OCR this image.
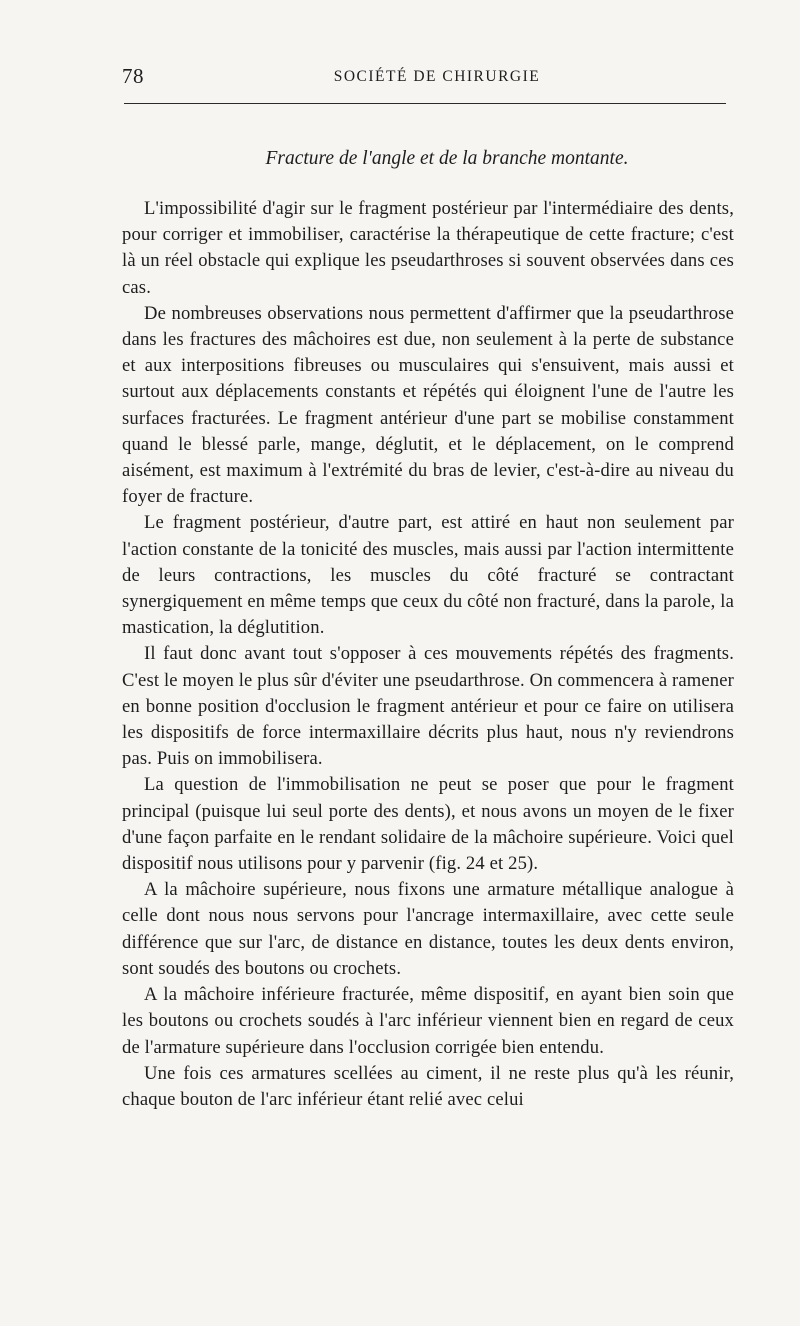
78	SOCIÉTÉ DE CHIRURGIE
Fracture de l'angle et de la branche montante.

L'impossibilité d'agir sur le fragment postérieur par l'intermédiaire des dents, pour corriger et immobiliser, caractérise la thérapeutique de cette fracture; c'est là un réel obstacle qui explique les pseudarthroses si souvent observées dans ces cas.

De nombreuses observations nous permettent d'affirmer que la pseudarthrose dans les fractures des mâchoires est due, non seulement à la perte de substance et aux interpositions fibreuses ou musculaires qui s'ensuivent, mais aussi et surtout aux déplacements constants et répétés qui éloignent l'une de l'autre les surfaces fracturées. Le fragment antérieur d'une part se mobilise constamment quand le blessé parle, mange, déglutit, et le déplacement, on le comprend aisément, est maximum à l'extrémité du bras de levier, c'est-à-dire au niveau du foyer de fracture.

Le fragment postérieur, d'autre part, est attiré en haut non seulement par l'action constante de la tonicité des muscles, mais aussi par l'action intermittente de leurs contractions, les muscles du côté fracturé se contractant synergiquement en même temps que ceux du côté non fracturé, dans la parole, la mastication, la déglutition.

Il faut donc avant tout s'opposer à ces mouvements répétés des fragments. C'est le moyen le plus sûr d'éviter une pseudarthrose. On commencera à ramener en bonne position d'occlusion le fragment antérieur et pour ce faire on utilisera les dispositifs de force intermaxillaire décrits plus haut, nous n'y reviendrons pas. Puis on immobilisera.

La question de l'immobilisation ne peut se poser que pour le fragment principal (puisque lui seul porte des dents), et nous avons un moyen de le fixer d'une façon parfaite en le rendant solidaire de la mâchoire supérieure. Voici quel dispositif nous utilisons pour y parvenir (fig. 24 et 25).

A la mâchoire supérieure, nous fixons une armature métallique analogue à celle dont nous nous servons pour l'ancrage intermaxillaire, avec cette seule différence que sur l'arc, de distance en distance, toutes les deux dents environ, sont soudés des boutons ou crochets.

A la mâchoire inférieure fracturée, même dispositif, en ayant bien soin que les boutons ou crochets soudés à l'arc inférieur viennent bien en regard de ceux de l'armature supérieure dans l'occlusion corrigée bien entendu.

Une fois ces armatures scellées au ciment, il ne reste plus qu'à les réunir, chaque bouton de l'arc inférieur étant relié avec celui
